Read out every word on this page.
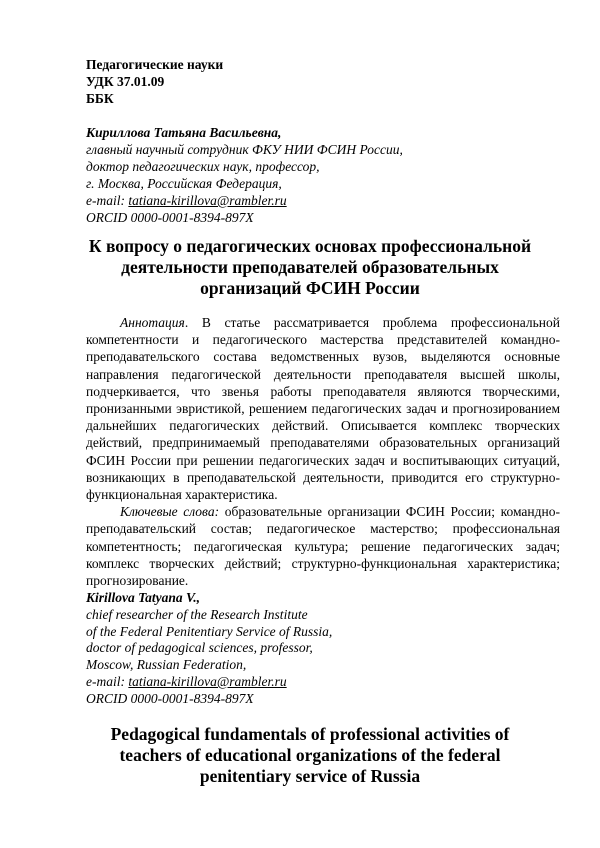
Педагогические науки
УДК 37.01.09
ББК
Кириллова Татьяна Васильевна,
главный научный сотрудник ФКУ НИИ ФСИН России,
доктор педагогических наук, профессор,
г. Москва, Российская Федерация,
e-mail: tatiana-kirillova@rambler.ru
ORCID 0000-0001-8394-897X
К вопросу о педагогических основах профессиональной
деятельности преподавателей образовательных
организаций ФСИН России

Аннотация. В статье рассматривается проблема профессиональной компетентности и педагогического мастерства представителей командно-преподавательского состава ведомственных вузов, выделяются основные направления педагогической деятельности преподавателя высшей школы, подчеркивается, что звенья работы преподавателя являются творческими, пронизанными эвристикой, решением педагогических задач и прогнозированием дальнейших педагогических действий. Описывается комплекс творческих действий, предпринимаемый преподавателями образовательных организаций ФСИН России при решении педагогических задач и воспитывающих ситуаций, возникающих в преподавательской деятельности, приводится его структурно-функциональная характеристика.

Ключевые слова: образовательные организации ФСИН России; командно-преподавательский состав; педагогическое мастерство; профессиональная компетентность; педагогическая культура; решение педагогических задач; комплекс творческих действий; структурно-функциональная характеристика; прогнозирование.

Kirillova Tatyana V.,
chief researcher of the Research Institute
of the Federal Penitentiary Service of Russia,
doctor of pedagogical sciences, professor,
Moscow, Russian Federation,
e-mail: tatiana-kirillova@rambler.ru
ORCID 0000-0001-8394-897X
Pedagogical fundamentals of professional activities of
teachers of educational organizations of the federal
penitentiary service of Russia
